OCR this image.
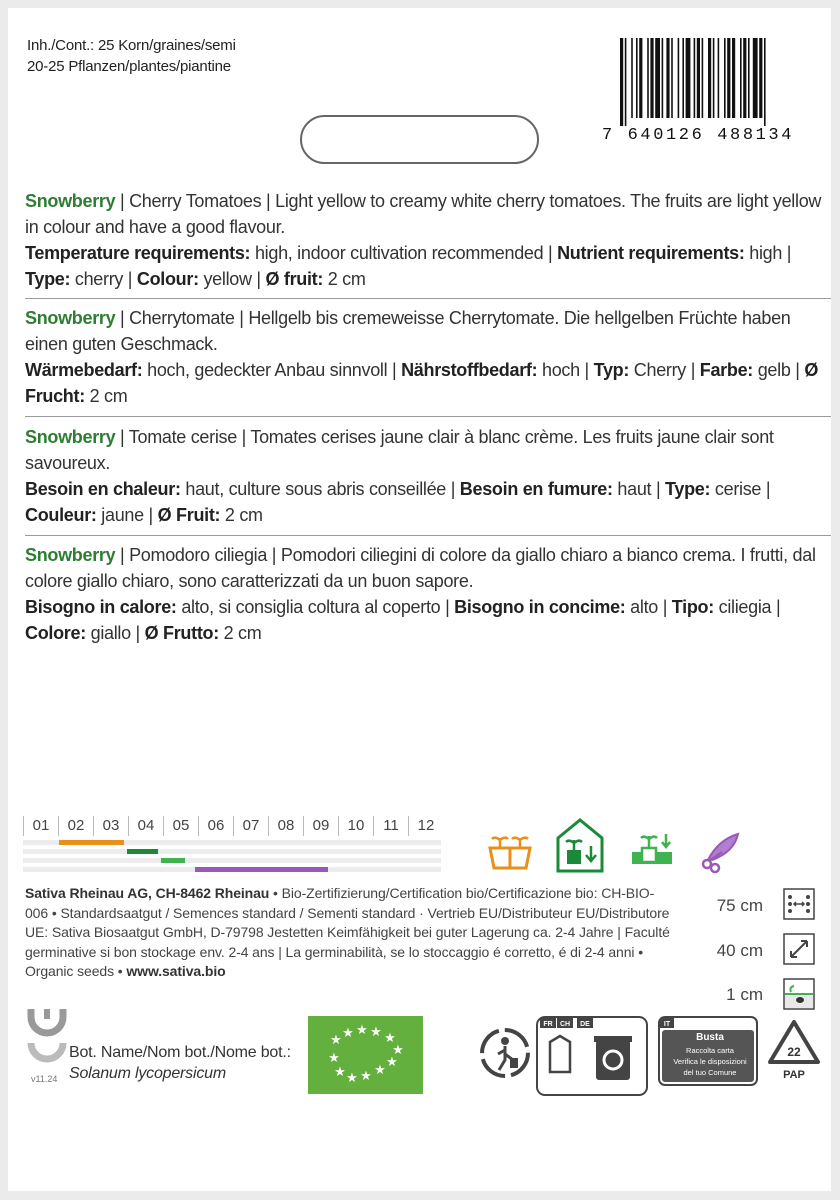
Inh./Cont.: 25 Korn/graines/semi
20-25 Pflanzen/plantes/piantine
7 640126 488134

Snowberry | Cherry Tomatoes | Light yellow to creamy white cherry tomatoes. The fruits are light yellow in colour and have a good flavour.

Temperature requirements: high, indoor cultivation recommended | Nutrient requirements: high | Type: cherry | Colour: yellow | Ø fruit: 2 cm

Snowberry | Cherrytomate | Hellgelb bis cremeweisse Cherrytomate. Die hellgelben Früchte haben einen guten Geschmack.

Wärmebedarf: hoch, gedeckter Anbau sinnvoll | Nährstoffbedarf: hoch | Typ: Cherry | Farbe: gelb | Ø Frucht: 2 cm

Snowberry | Tomate cerise | Tomates cerises jaune clair à blanc crème. Les fruits jaune clair sont savoureux.

Besoin en chaleur: haut, culture sous abris conseillée | Besoin en fumure: haut | Type: cerise | Couleur: jaune | Ø Fruit: 2 cm

Snowberry | Pomodoro ciliegia | Pomodori ciliegini di colore da giallo chiaro a bianco crema. I frutti, dal colore giallo chiaro, sono caratterizzati da un buon sapore.

Bisogno in calore: alto, si consiglia coltura al coperto | Bisogno in concime: alto | Tipo: ciliegia | Colore: giallo | Ø Frutto: 2 cm

01	02	03	04	05	06	07	08	09	10	11	12
Sativa Rheinau AG, CH-8462 Rheinau • Bio-Zertifizierung/Certification bio/Certificazione bio: CH-BIO-006 • Standardsaatgut / Semences standard / Sementi standard · Vertrieb EU/Distributeur EU/Distributore UE: Sativa Biosaatgut GmbH, D-79798 Jestetten Keimfähigkeit bei guter Lagerung ca. 2-4 Jahre | Faculté germinative si bon stockage env. 2-4 ans | La germinabilità, se lo stoccaggio é corretto, é di 2-4 anni • Organic seeds • www.sativa.bio
75 cm
40 cm
1 cm
v11.24
Bot. Name/Nom bot./Nome bot.:
Solanum lycopersicum
★ ★ ★ ★ ★
★
★
★
★
★
★
★
FR CH DE	IT
Busta
Raccolta carta
Verifica le disposizioni
del tuo Comune
22
PAP
